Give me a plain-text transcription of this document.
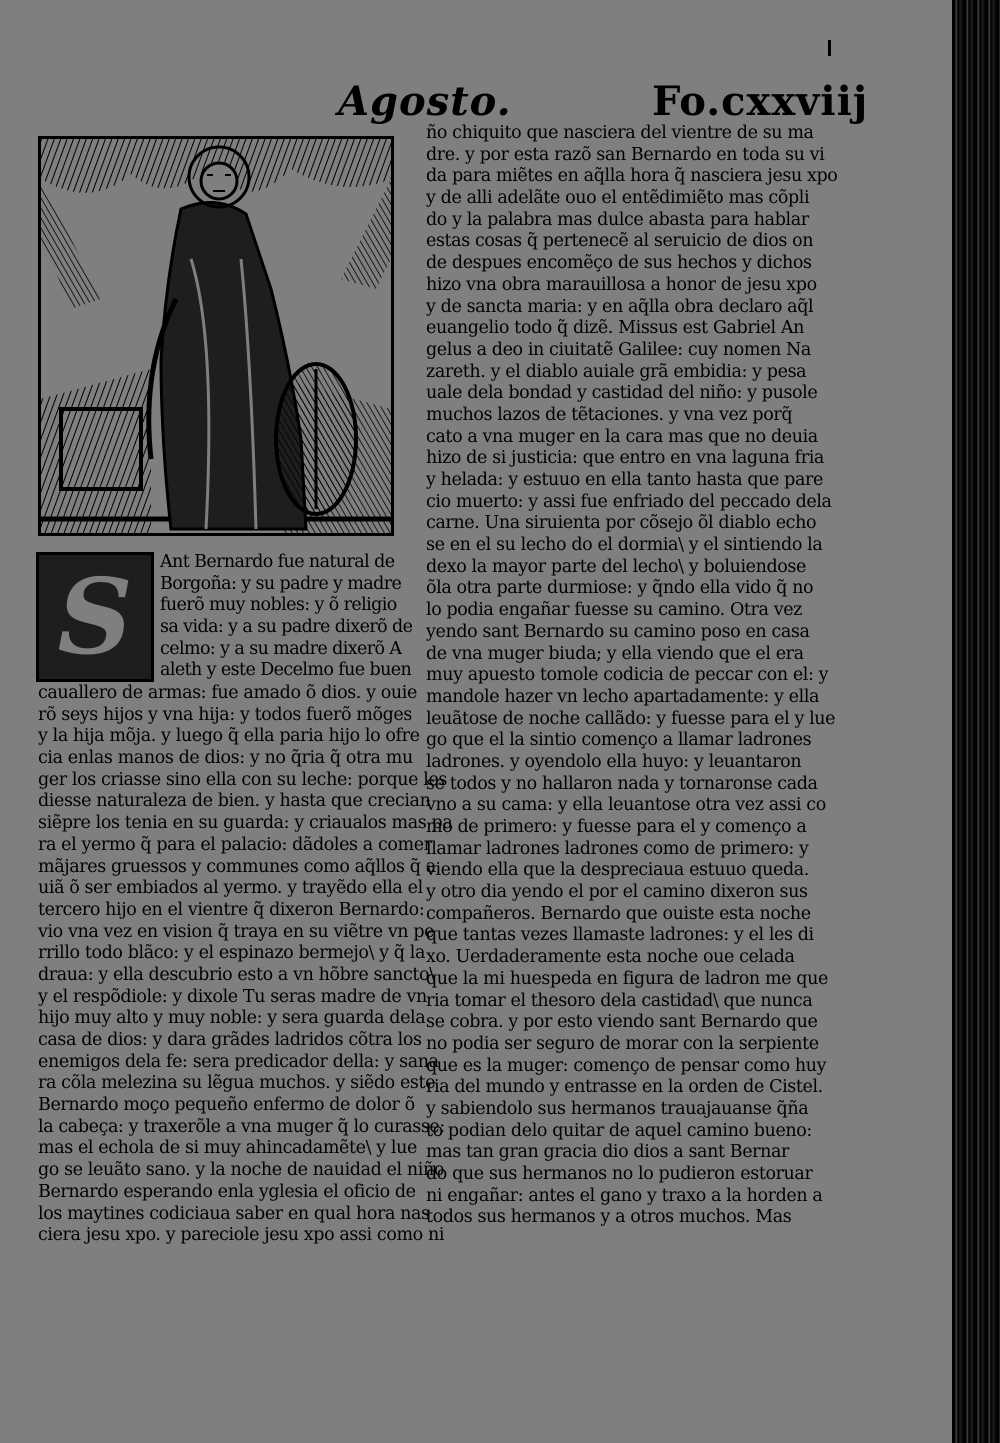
Agosto.	Fo.cxxviij
S Ant Bernardo fue natural de
Borgoña: y su padre y madre
fuerõ muy nobles: y õ religio
sa vida: y a su padre dixerõ de
celmo: y a su madre dixerõ A
aleth y este Decelmo fue buen
cauallero de armas: fue amado õ dios. y ouie
rõ seys hijos y vna hija: y todos fuerõ mõges
y la hija mõja. y luego q̃ ella paria hijo lo ofre
cia enlas manos de dios: y no q̃ria q̃ otra mu
ger los criasse sino ella con su leche: porque les
diesse naturaleza de bien. y hasta que crecian
siẽpre los tenia en su guarda: y criaualos mas pa
ra el yermo q̃ para el palacio: dãdoles a comer
mãjares gruessos y communes como aq̃llos q̃ a
uiã õ ser embiados al yermo. y trayẽdo ella el
tercero hijo en el vientre q̃ dixeron Bernardo:
vio vna vez en vision q̃ traya en su viẽtre vn pe
rrillo todo blãco: y el espinazo bermejo\ y q̃ la
draua: y ella descubrio esto a vn hõbre sancto\
y el respõdiole: y dixole Tu seras madre de vn
hijo muy alto y muy noble: y sera guarda dela
casa de dios: y dara grãdes ladridos cõtra los
enemigos dela fe: sera predicador della: y sana
ra cõla melezina su lẽgua muchos. y siẽdo este
Bernardo moço pequeño enfermo de dolor õ
la cabeça: y traxerõle a vna muger q̃ lo curasse:
mas el echola de si muy ahincadamẽte\ y lue
go se leuãto sano. y la noche de nauidad el niño
Bernardo esperando enla yglesia el oficio de
los maytines codiciaua saber en qual hora nas
ciera jesu xpo. y pareciole jesu xpo assi como ni
ño chiquito que nasciera del vientre de su ma
dre. y por esta razõ san Bernardo en toda su vi
da para miẽtes en aq̃lla hora q̃ nasciera jesu xpo
y de alli adelãte ouo el entẽdimiẽto mas cõpli
do y la palabra mas dulce abasta para hablar
estas cosas q̃ pertenecẽ al seruicio de dios on
de despues encomẽço de sus hechos y dichos
hizo vna obra marauillosa a honor de jesu xpo
y de sancta maria: y en aq̃lla obra declaro aq̃l
euangelio todo q̃ dizẽ. Missus est Gabriel An
gelus a deo in ciuitatẽ Galilee: cuy nomen Na
zareth. y el diablo auiale grã embidia: y pesa
uale dela bondad y castidad del niño: y pusole
muchos lazos de tẽtaciones. y vna vez porq̃
cato a vna muger en la cara mas que no deuia
hizo de si justicia: que entro en vna laguna fria
y helada: y estuuo en ella tanto hasta que pare
cio muerto: y assi fue enfriado del peccado dela
carne. Una siruienta por cõsejo õl diablo echo
se en el su lecho do el dormia\ y el sintiendo la
dexo la mayor parte del lecho\ y boluiendose
õla otra parte durmiose: y q̃ndo ella vido q̃ no
lo podia engañar fuesse su camino. Otra vez
yendo sant Bernardo su camino poso en casa
de vna muger biuda; y ella viendo que el era
muy apuesto tomole codicia de peccar con el: y
mandole hazer vn lecho apartadamente: y ella
leuãtose de noche callãdo: y fuesse para el y lue
go que el la sintio començo a llamar ladrones
ladrones. y oyendolo ella huyo: y leuantaron
se todos y no hallaron nada y tornaronse cada
vno a su cama: y ella leuantose otra vez assi co
mo de primero: y fuesse para el y començo a
llamar ladrones ladrones como de primero: y
viendo ella que la despreciaua estuuo queda.
y otro dia yendo el por el camino dixeron sus
compañeros. Bernardo que ouiste esta noche
que tantas vezes llamaste ladrones: y el les di
xo. Uerdaderamente esta noche oue celada
que la mi huespeda en figura de ladron me que
ria tomar el thesoro dela castidad\ que nunca
se cobra. y por esto viendo sant Bernardo que
no podia ser seguro de morar con la serpiente
que es la muger: començo de pensar como huy
ria del mundo y entrasse en la orden de Cistel.
y sabiendolo sus hermanos trauajauanse q̃ña
to podian delo quitar de aquel camino bueno:
mas tan gran gracia dio dios a sant Bernar
do que sus hermanos no lo pudieron estoruar
ni engañar: antes el gano y traxo a la horden a
todos sus hermanos y a otros muchos. Mas
